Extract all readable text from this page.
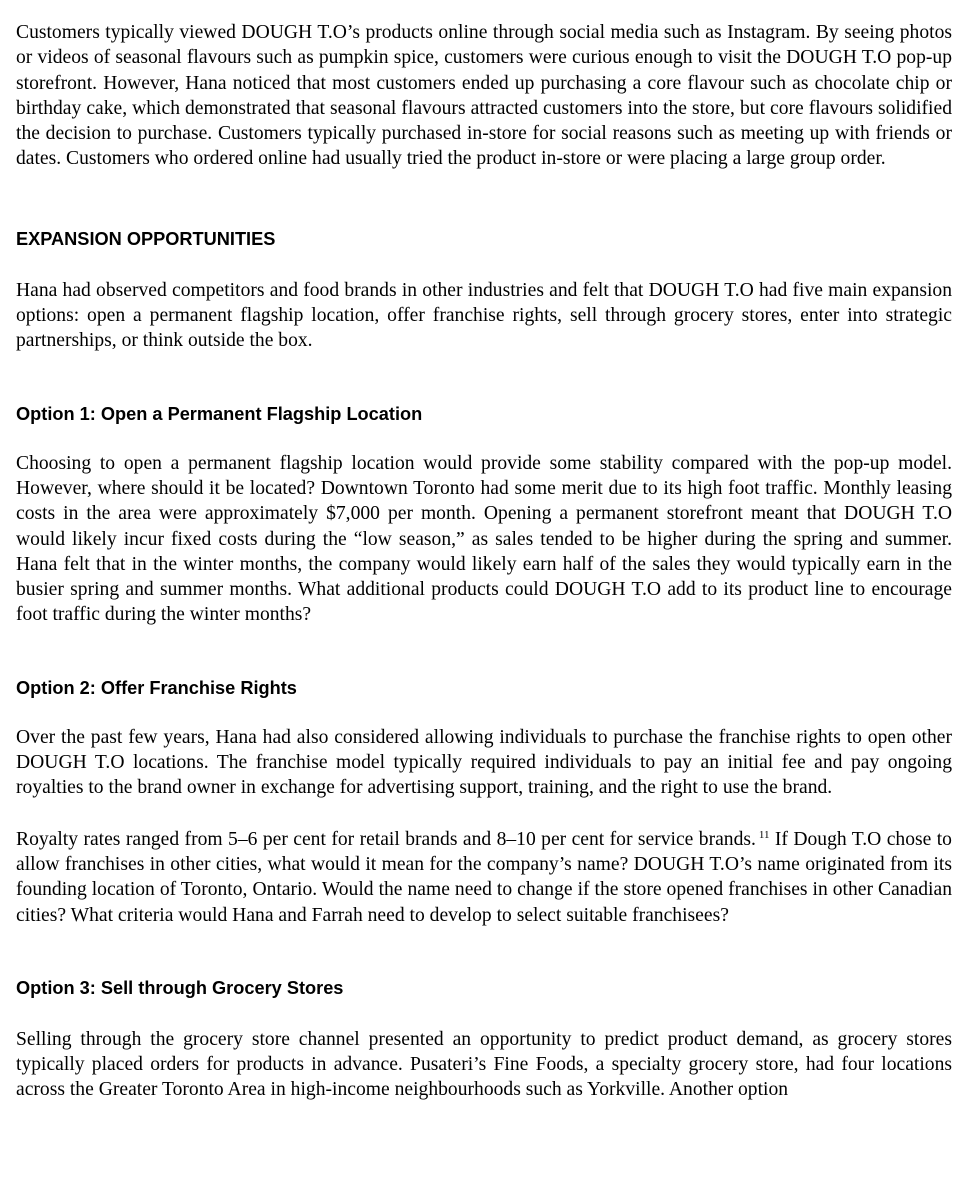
Customers typically viewed DOUGH T.O’s products online through social media such as Instagram. By seeing photos or videos of seasonal flavours such as pumpkin spice, customers were curious enough to visit the DOUGH T.O pop-up storefront. However, Hana noticed that most customers ended up purchasing a core flavour such as chocolate chip or birthday cake, which demonstrated that seasonal flavours attracted customers into the store, but core flavours solidified the decision to purchase. Customers typically purchased in-store for social reasons such as meeting up with friends or dates. Customers who ordered online had usually tried the product in-store or were placing a large group order.

EXPANSION OPPORTUNITIES

Hana had observed competitors and food brands in other industries and felt that DOUGH T.O had five main expansion options: open a permanent flagship location, offer franchise rights, sell through grocery stores, enter into strategic partnerships, or think outside the box.

Option 1: Open a Permanent Flagship Location

Choosing to open a permanent flagship location would provide some stability compared with the pop-up model. However, where should it be located? Downtown Toronto had some merit due to its high foot traffic. Monthly leasing costs in the area were approximately $7,000 per month. Opening a permanent storefront meant that DOUGH T.O would likely incur fixed costs during the “low season,” as sales tended to be higher during the spring and summer. Hana felt that in the winter months, the company would likely earn half of the sales they would typically earn in the busier spring and summer months. What additional products could DOUGH T.O add to its product line to encourage foot traffic during the winter months?

Option 2: Offer Franchise Rights

Over the past few years, Hana had also considered allowing individuals to purchase the franchise rights to open other DOUGH T.O locations. The franchise model typically required individuals to pay an initial fee and pay ongoing royalties to the brand owner in exchange for advertising support, training, and the right to use the brand.

Royalty rates ranged from 5–6 per cent for retail brands and 8–10 per cent for service brands. $^{11}$ If Dough T.O chose to allow franchises in other cities, what would it mean for the company’s name? DOUGH T.O’s name originated from its founding location of Toronto, Ontario. Would the name need to change if the store opened franchises in other Canadian cities? What criteria would Hana and Farrah need to develop to select suitable franchisees?

Option 3: Sell through Grocery Stores

Selling through the grocery store channel presented an opportunity to predict product demand, as grocery stores typically placed orders for products in advance. Pusateri’s Fine Foods, a specialty grocery store, had four locations across the Greater Toronto Area in high-income neighbourhoods such as Yorkville. Another option
